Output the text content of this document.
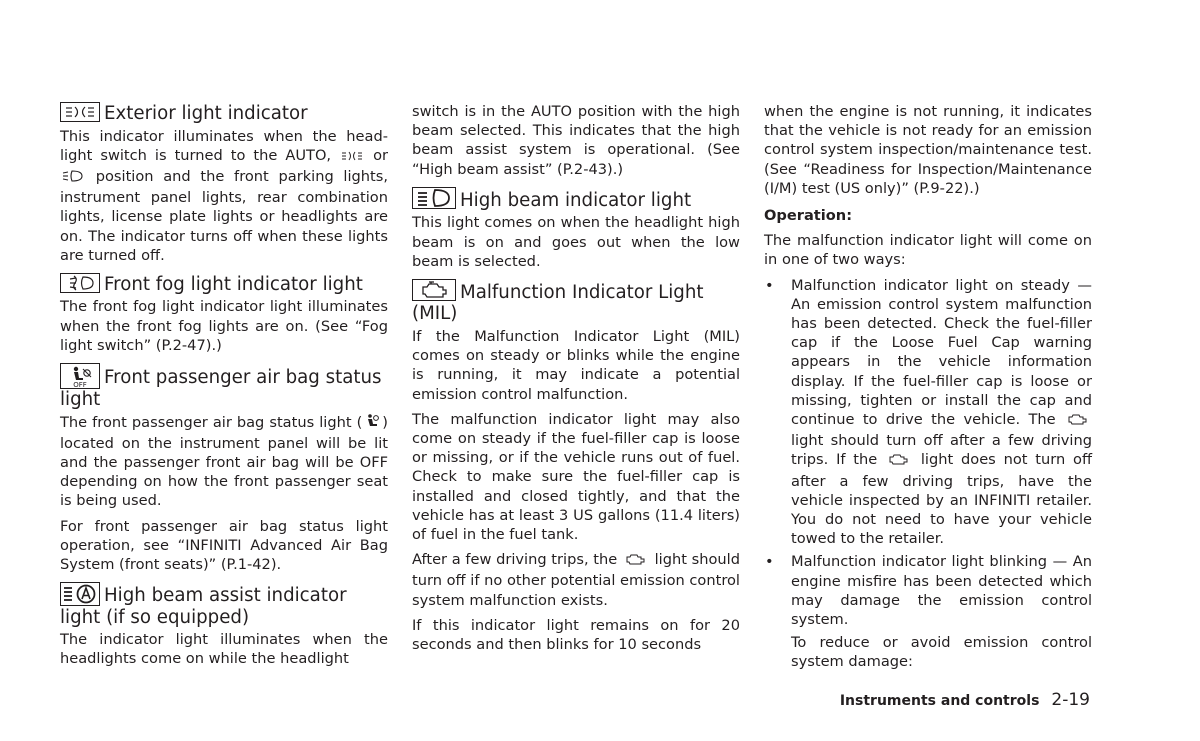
Exterior light indicator

This indicator illuminates when the head-light switch is turned to the AUTO,	or  position and the front parking lights, instrument panel lights, rear combination lights, license plate lights or headlights are on. The indicator turns off when these lights are turned off.

Front fog light indicator light

The front fog light indicator light illuminates when the front fog lights are on. (See “Fog light switch” (P.2-47).)

OFF Front passenger air bag status light

The front passenger air bag status light ( ) located on the instrument panel will be lit and the passenger front air bag will be OFF depending on how the front passenger seat is being used.

For front passenger air bag status light operation, see “INFINITI Advanced Air Bag System (front seats)” (P.1-42).

High beam assist indicator light (if so equipped)

The indicator light illuminates when the headlights come on while the headlight

switch is in the AUTO position with the high beam selected. This indicates that the high beam assist system is operational. (See “High beam assist” (P.2-43).)

High beam indicator light

This light comes on when the headlight high beam is on and goes out when the low beam is selected.

Malfunction Indicator Light (MIL)

If the Malfunction Indicator Light (MIL) comes on steady or blinks while the engine is running, it may indicate a potential emission control malfunction.

The malfunction indicator light may also come on steady if the fuel-filler cap is loose or missing, or if the vehicle runs out of fuel. Check to make sure the fuel-filler cap is installed and closed tightly, and that the vehicle has at least 3 US gallons (11.4 liters) of fuel in the fuel tank.

After a few driving trips, the	light should turn off if no other potential emission control system malfunction exists.

If this indicator light remains on for 20 seconds and then blinks for 10 seconds

when the engine is not running, it indicates that the vehicle is not ready for an emission control system inspection/maintenance test. (See “Readiness for Inspection/Maintenance (I/M) test (US only)” (P.9-22).)

Operation:

The malfunction indicator light will come on in one of two ways:

• Malfunction indicator light on steady — An emission control system malfunction has been detected. Check the fuel-filler cap if the Loose Fuel Cap warning appears in the vehicle information display. If the fuel-filler cap is loose or missing, tighten or install the cap and continue to drive the vehicle. The  light should turn off after a few driving trips. If the	light does not turn off after a few driving trips, have the vehicle inspected by an INFINITI retailer. You do not need to have your vehicle towed to the retailer.
• Malfunction indicator light blinking — An engine misfire has been detected which may damage the emission control system.

To reduce or avoid emission control system damage:

Instruments and controls 2-19
